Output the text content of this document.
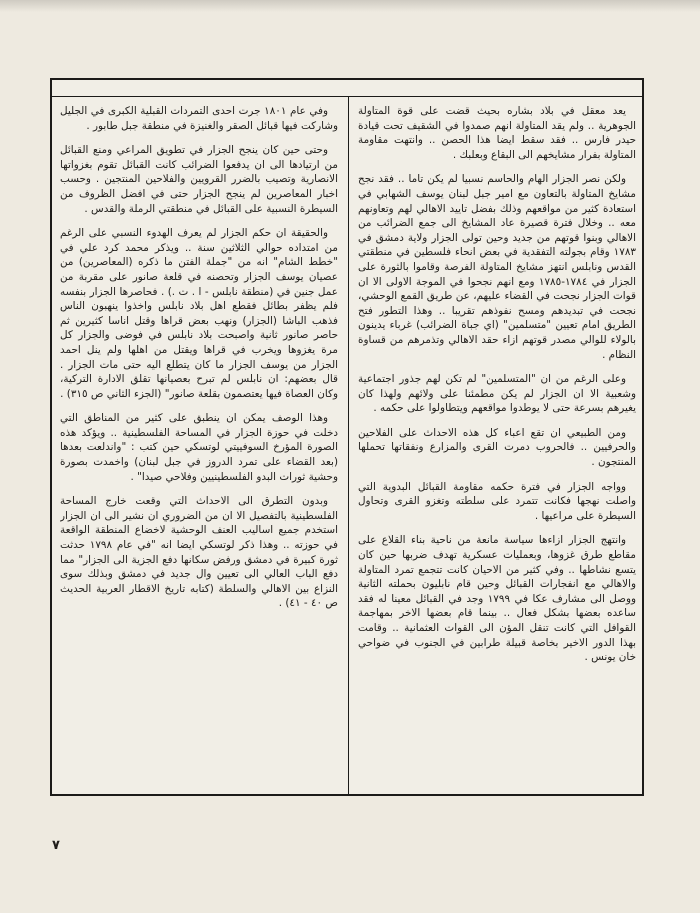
يعد معقل في بلاد بشاره بحيث قضت على قوة المتاولة الجوهرية .. ولم يقد المتاولة انهم صمدوا في الشقيف تحت قيادة حيدر فارس .. فقد سقط ايضا هذا الحصن .. وانتهت مقاومة المتاولة بفرار مشايخهم الى البقاع وبعلبك .

ولكن نصر الجزار الهام والحاسم نسبيا لم يكن تاما .. فقد نجح مشايخ المتاولة بالتعاون مع امير جبل لبنان يوسف الشهابي في استعادة كثير من مواقعهم وذلك بفضل تاييد الاهالي لهم وتعاونهم معه .. وخلال فترة قصيرة عاد المشايخ الى جمع الضرائب من الاهالي وبنوا قوتهم من جديد وحين تولى الجزار ولاية دمشق في ١٧٨٣ وقام بجولته التفقدية في بعض انحاء فلسطين في منطقتي القدس ونابلس انتهز مشايخ المتاولة الفرصة وقاموا بالثورة على الجزار في ١٧٨٤-١٧٨٥ ومع انهم نجحوا في الموجة الاولى الا ان قوات الجزار نجحت في القضاء عليهم، عن طريق القمع الوحشي، نجحت في تبديدهم ومسح نفوذهم تقريبا .. وهذا التطور فتح الطريق امام تعيين "متسلمين" (اي جباة الضرائب) غرباء يدينون بالولاء للوالي مصدر قوتهم ازاء حقد الاهالي وتذمرهم من قساوة النظام .

وعلى الرغم من ان "المتسلمين" لم تكن لهم جذور اجتماعية وشعبية الا ان الجزار لم يكن مطمئنا على ولائهم ولهذا كان يغيرهم بسرعة حتى لا يوطدوا مواقعهم ويتطاولوا على حكمه .

ومن الطبيعي ان تقع اعباء كل هذه الاحداث على الفلاحين والحرفيين .. فالحروب دمرت القرى والمزارع ونفقاتها تحملها المنتجون .

وواجه الجزار في فترة حكمه مقاومة القبائل البدوية التي واصلت نهجها فكانت تتمرد على سلطته وتغزو القرى وتحاول السيطرة على مراعيها .

وانتهج الجزار ازاءها سياسة مانعة من ناحية بناء القلاع على مقاطع طرق غزوها، وبعمليات عسكرية تهدف ضربها حين كان يتسع نشاطها .. وفي كثير من الاحيان كانت تتجمع تمرد المتاولة والاهالي مع انفجارات القبائل وحين قام نابليون بحملته الثانية ووصل الى مشارف عكا في ١٧٩٩ وجد في القبائل معينا له فقد ساعده بعضها بشكل فعال .. بينما قام بعضها الاخر بمهاجمة القوافل التي كانت تنقل المؤن الى القوات العثمانية .. وقامت بهذا الدور الاخير بخاصة قبيلة طرابين في الجنوب في ضواحي خان يونس .

وفي عام ١٨٠١ جرت احدى التمردات القبلية الكبرى في الجليل وشاركت فيها قبائل الصقر والغنيزة في منطقة جبل طابور .

وحتى حين كان ينجح الجزار في تطويق المراعي ومنع القبائل من ارتيادها الى ان يدفعوا الضرائب كانت القبائل تقوم بغزواتها الانصارية وتصيب بالضرر القرويين والفلاحين المنتجين . وحسب اخبار المعاصرين لم ينجح الجزار حتى في افضل الظروف من السيطرة النسبية على القبائل في منطقتي الرملة والقدس .

والحقيقة ان حكم الجزار لم يعرف الهدوء النسبي على الرغم من امتداده حوالي الثلاثين سنة .. ويذكر محمد كرد علي في "خطط الشام" انه من "جملة الفتن ما ذكره (المعاصرين) من عصيان يوسف الجزار وتحصنه في قلعة صانور على مقربة من عمل جنين في (منطقة نابلس - ا . ت .) . فحاصرها الجزار بنفسه فلم يظفر بطائل فقطع اهل بلاد نابلس واخذوا ينهبون الناس فذهب الباشا (الجزار) ونهب بعض قراها وقتل اناسا كثيرين ثم حاصر صانور ثانية واصبحت بلاد نابلس في فوضى والجزار كل مرة يغزوها ويخرب في قراها ويقتل من اهلها ولم ينل احمد الجزار من يوسف الجزار ما كان يتطلع اليه حتى مات الجزار . قال بعضهم: ان نابلس لم تبرح بعصيانها تقلق الادارة التركية، وكان العصاة فيها يعتصمون بقلعة صانور" (الجزء الثاني ص ٣١٥) .

وهذا الوصف يمكن ان ينطبق على كثير من المناطق التي دخلت في حوزة الجزار في المساحة الفلسطينية .. ويؤكد هذه الصورة المؤرخ السوفييتي لوتسكي حين كتب : "واندلعت بعدها (بعد القضاء على تمرد الدروز في جبل لبنان) واخمدت بصورة وحشية ثورات البدو الفلسطينيين وفلاحي صيدا" .

وبدون التطرق الى الاحداث التي وقعت خارج المساحة الفلسطينية بالتفصيل الا ان من الضروري ان نشير الى ان الجزار استخدم جميع اساليب العنف الوحشية لاخضاع المنطقة الواقعة في حوزته .. وهذا ذكر لوتسكي ايضا انه "في عام ١٧٩٨ حدثت ثورة كبيرة في دمشق ورفض سكانها دفع الجزية الى الجزار" مما دفع الباب العالي الى تعيين وال جديد في دمشق وبذلك سوى النزاع بين الاهالي والسلطة (كتابه تاريخ الاقطار العربية الحديث ص ٤٠ - ٤١) .

٧
